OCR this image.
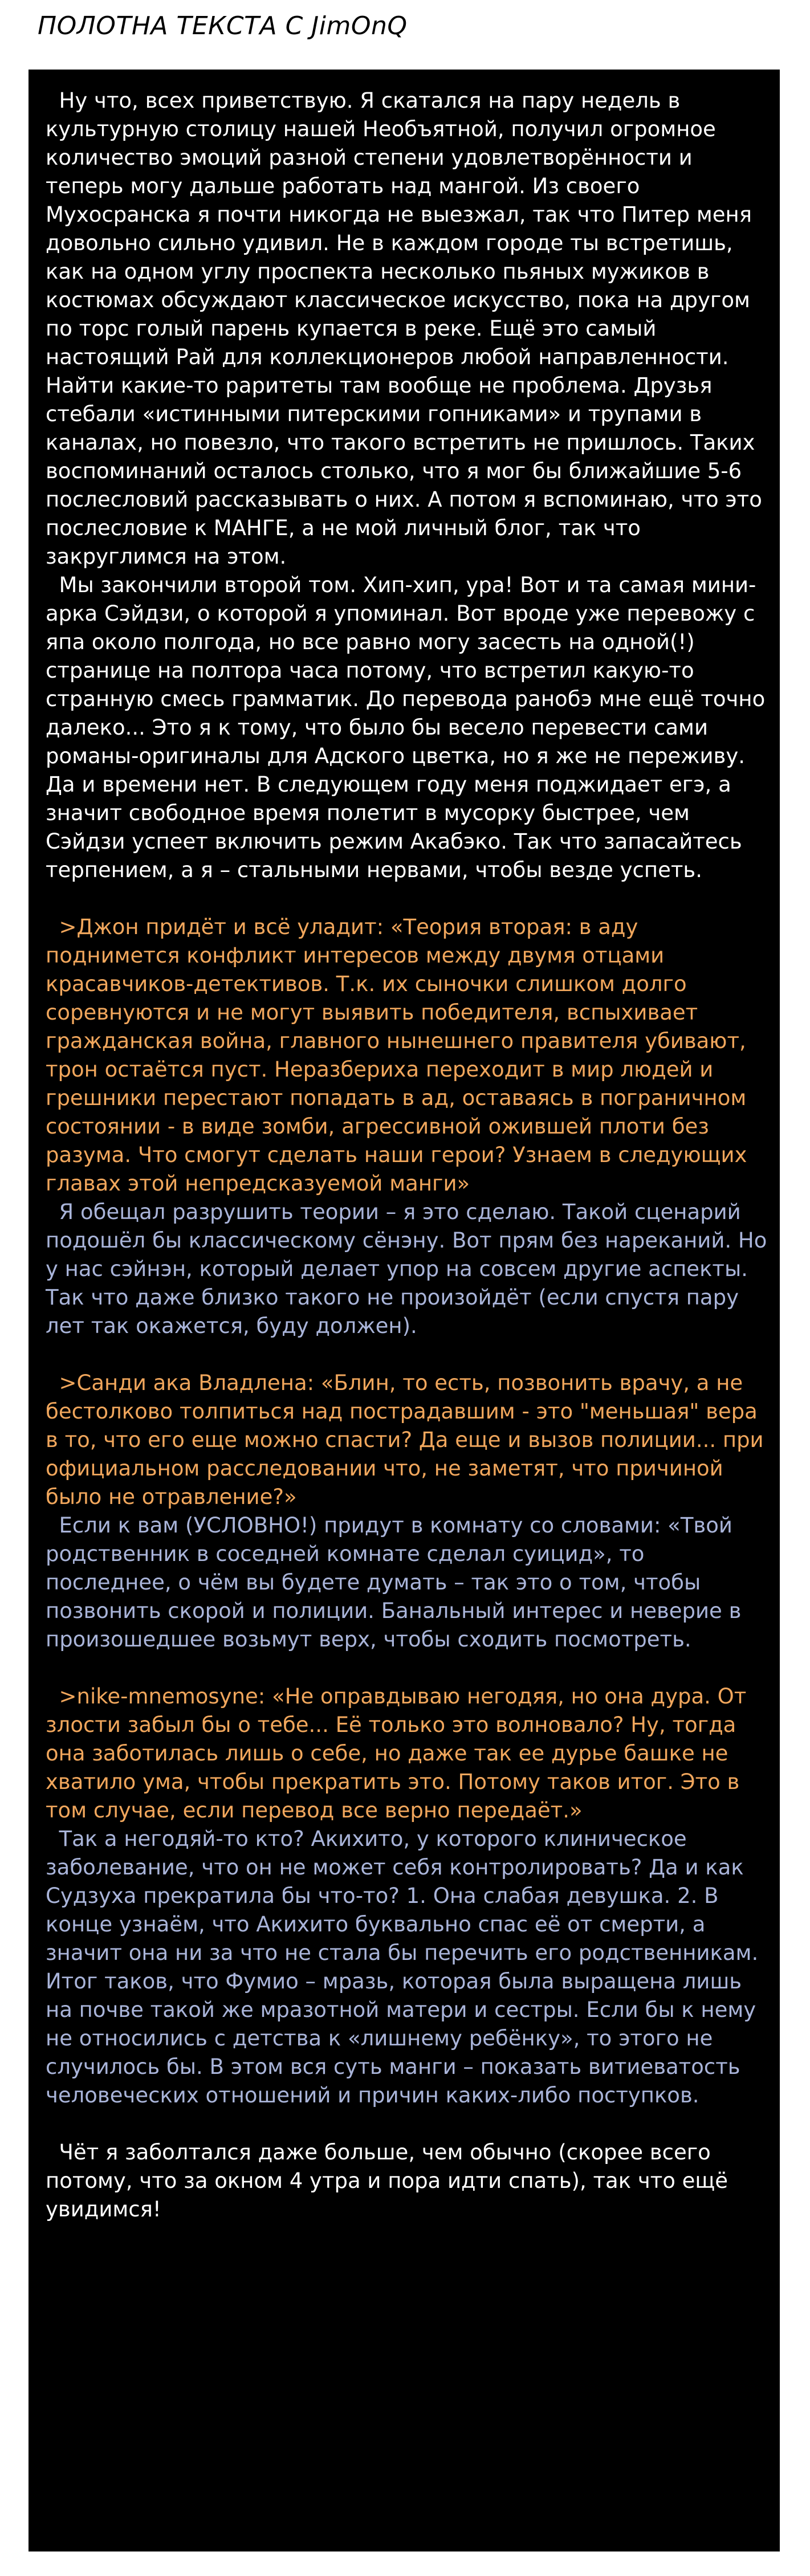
ПОЛОТНА ТЕКСТА С JimOnQ

Ну что, всех приветствую. Я скатался на пару недель в культурную столицу нашей Необъятной, получил огромное количество эмоций разной степени удовлетворённости и теперь могу дальше работать над мангой. Из своего Мухосранска я почти никогда не выезжал, так что Питер меня довольно сильно удивил. Не в каждом городе ты встретишь, как на одном углу проспекта несколько пьяных мужиков в костюмах обсуждают классическое искусство, пока на другом по торс голый парень купается в реке. Ещё это самый настоящий Рай для коллекционеров любой направленности. Найти какие-то раритеты там вообще не проблема. Друзья стебали «истинными питерскими гопниками» и трупами в каналах, но повезло, что такого встретить не пришлось. Таких воспоминаний осталось столько, что я мог бы ближайшие 5-6 послесловий рассказывать о них. А потом я вспоминаю, что это послесловие к МАНГЕ, а не мой личный блог, так что закруглимся на этом.

Мы закончили второй том. Хип-хип, ура! Вот и та самая мини-арка Сэйдзи, о которой я упоминал. Вот вроде уже перевожу с япа около полгода, но все равно могу засесть на одной(!) странице на полтора часа потому, что встретил какую-то странную смесь грамматик. До перевода ранобэ мне ещё точно далеко... Это я к тому, что было бы весело перевести сами романы-оригиналы для Адского цветка, но я же не переживу. Да и времени нет. В следующем году меня поджидает егэ, а значит свободное время полетит в мусорку быстрее, чем Сэйдзи успеет включить режим Акабэко. Так что запасайтесь терпением, а я – стальными нервами, чтобы везде успеть.

>Джон придёт и всё уладит: «Теория вторая: в аду поднимется конфликт интересов между двумя отцами красавчиков-детективов. Т.к. их сыночки слишком долго соревнуются и не могут выявить победителя, вспыхивает гражданская война, главного нынешнего правителя убивают, трон остаётся пуст. Неразбериха переходит в мир людей и грешники перестают попадать в ад, оставаясь в пограничном состоянии - в виде зомби, агрессивной ожившей плоти без разума. Что смогут сделать наши герои? Узнаем в следующих главах этой непредсказуемой манги»

Я обещал разрушить теории – я это сделаю. Такой сценарий подошёл бы классическому сёнэну. Вот прям без нареканий. Но у нас сэйнэн, который делает упор на совсем другие аспекты. Так что даже близко такого не произойдёт (если спустя пару лет так окажется, буду должен).

>Санди ака Владлена: «Блин, то есть, позвонить врачу, а не бестолково толпиться над пострадавшим - это "меньшая" вера в то, что его еще можно спасти? Да еще и вызов полиции... при официальном расследовании что, не заметят, что причиной было не отравление?»

Если к вам (УСЛОВНО!) придут в комнату со словами: «Твой родственник в соседней комнате сделал суицид», то последнее, о чём вы будете думать – так это о том, чтобы позвонить скорой и полиции. Банальный интерес и неверие в произошедшее возьмут верх, чтобы сходить посмотреть.

>nike-mnemosyne: «Не оправдываю негодяя, но она дура. От злости забыл бы о тебе... Её только это волновало? Ну, тогда она заботилась лишь о себе, но даже так ее дурье башке не хватило ума, чтобы прекратить это. Потому таков итог. Это в том случае, если перевод все верно передаёт.»

Так а негодяй-то кто? Акихито, у которого клиническое заболевание, что он не может себя контролировать? Да и как Судзуха прекратила бы что-то? 1. Она слабая девушка. 2. В конце узнаём, что Акихито буквально спас её от смерти, а значит она ни за что не стала бы перечить его родственникам. Итог таков, что Фумио – мразь, которая была выращена лишь на почве такой же мразотной матери и сестры. Если бы к нему не относились с детства к «лишнему ребёнку», то этого не случилось бы. В этом вся суть манги – показать витиеватость человеческих отношений и причин каких-либо поступков.

Чёт я заболтался даже больше, чем обычно (скорее всего потому, что за окном 4 утра и пора идти спать), так что ещё увидимся!
